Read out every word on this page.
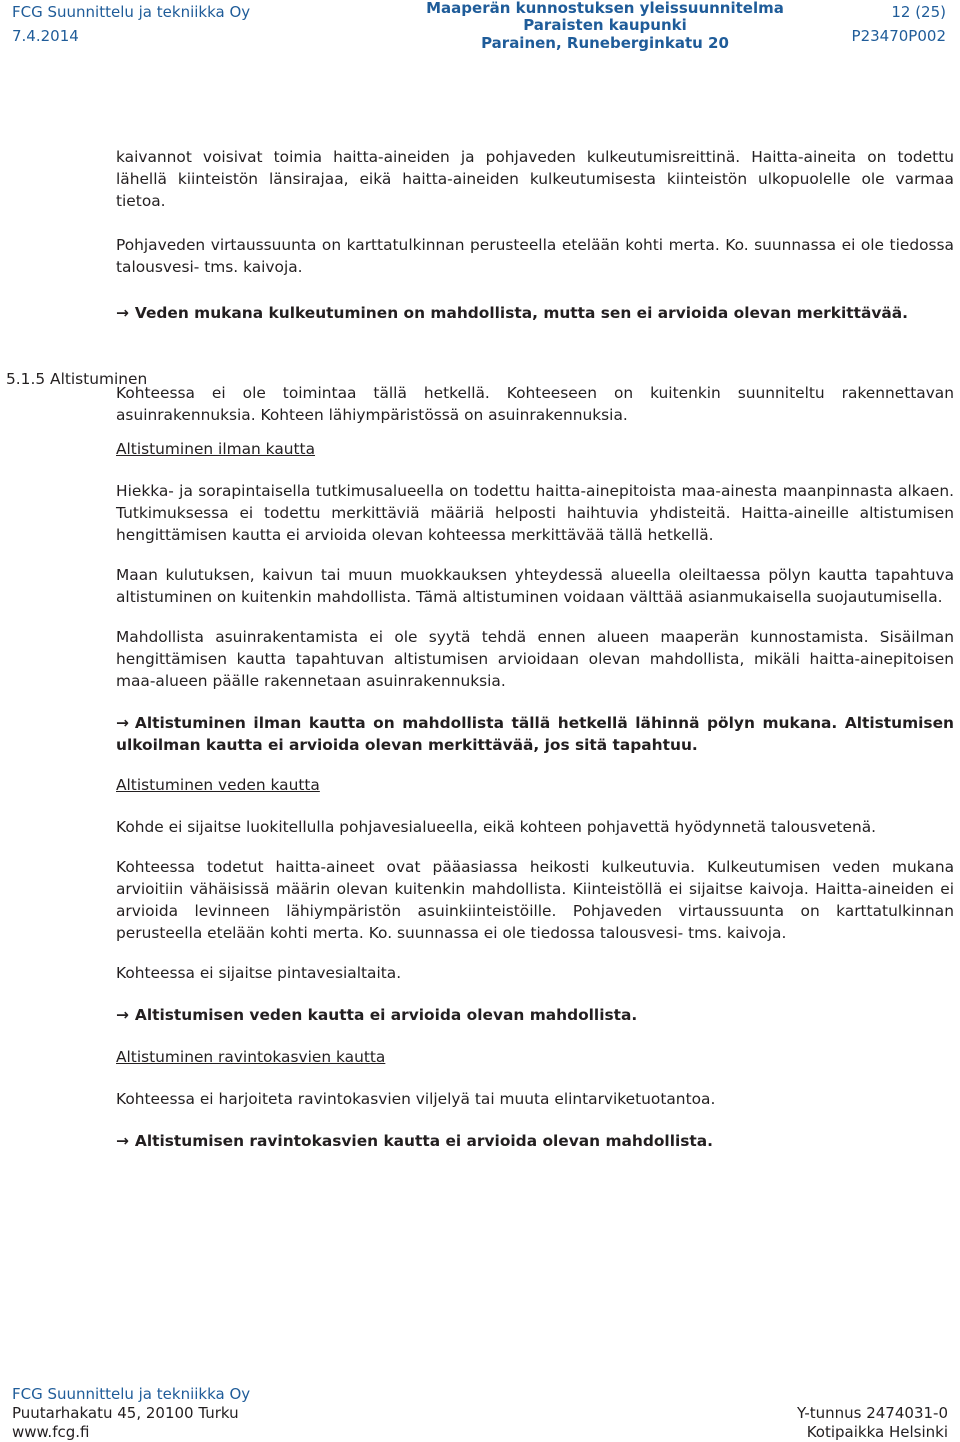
FCG Suunnittelu ja tekniikka Oy
7.4.2014
Maaperän kunnostuksen yleissuunnitelma
Paraisten kaupunki
Parainen, Runeberginkatu 20
12 (25)
P23470P002
5.1.5 Altistuminen

kaivannot voisivat toimia haitta-aineiden ja pohjaveden kulkeutumisreittinä. Haitta-aineita on todettu lähellä kiinteistön länsirajaa, eikä haitta-aineiden kulkeutumisesta kiinteistön ulkopuolelle ole varmaa tietoa.

Pohjaveden virtaussuunta on karttatulkinnan perusteella etelään kohti merta. Ko. suunnassa ei ole tiedossa talousvesi- tms. kaivoja.

→ Veden mukana kulkeutuminen on mahdollista, mutta sen ei arvioida olevan merkittävää.

Kohteessa ei ole toimintaa tällä hetkellä. Kohteeseen on kuitenkin suunniteltu rakennettavan asuinrakennuksia. Kohteen lähiympäristössä on asuinrakennuksia.

Altistuminen ilman kautta

Hiekka- ja sorapintaisella tutkimusalueella on todettu haitta-ainepitoista maa-ainesta maanpinnasta alkaen. Tutkimuksessa ei todettu merkittäviä määriä helposti haihtuvia yhdisteitä. Haitta-aineille altistumisen hengittämisen kautta ei arvioida olevan kohteessa merkittävää tällä hetkellä.

Maan kulutuksen, kaivun tai muun muokkauksen yhteydessä alueella oleiltaessa pölyn kautta tapahtuva altistuminen on kuitenkin mahdollista. Tämä altistuminen voidaan välttää asianmukaisella suojautumisella.

Mahdollista asuinrakentamista ei ole syytä tehdä ennen alueen maaperän kunnostamista. Sisäilman hengittämisen kautta tapahtuvan altistumisen arvioidaan olevan mahdollista, mikäli haitta-ainepitoisen maa-alueen päälle rakennetaan asuinrakennuksia.

→ Altistuminen ilman kautta on mahdollista tällä hetkellä lähinnä pölyn mukana. Altistumisen ulkoilman kautta ei arvioida olevan merkittävää, jos sitä tapahtuu.

Altistuminen veden kautta

Kohde ei sijaitse luokitellulla pohjavesialueella, eikä kohteen pohjavettä hyödynnetä talousvetenä.

Kohteessa todetut haitta-aineet ovat pääasiassa heikosti kulkeutuvia. Kulkeutumisen veden mukana arvioitiin vähäisissä määrin olevan kuitenkin mahdollista. Kiinteistöllä ei sijaitse kaivoja. Haitta-aineiden ei arvioida levinneen lähiympäristön asuinkiinteistöille. Pohjaveden virtaussuunta on karttatulkinnan perusteella etelään kohti merta. Ko. suunnassa ei ole tiedossa talousvesi- tms. kaivoja.

Kohteessa ei sijaitse pintavesialtaita.

→ Altistumisen veden kautta ei arvioida olevan mahdollista.

Altistuminen ravintokasvien kautta

Kohteessa ei harjoiteta ravintokasvien viljelyä tai muuta elintarviketuotantoa.

→ Altistumisen ravintokasvien kautta ei arvioida olevan mahdollista.

FCG Suunnittelu ja tekniikka Oy
Puutarhakatu 45, 20100 Turku	Y-tunnus 2474031-0
www.fcg.fi	Kotipaikka Helsinki
